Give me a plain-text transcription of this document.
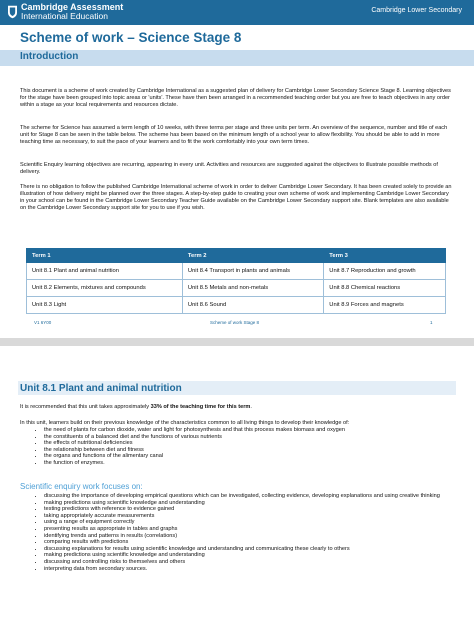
Cambridge Assessment
International Education
Cambridge Lower Secondary
Scheme of work – Science Stage 8
Introduction
This document is a scheme of work created by Cambridge International as a suggested plan of delivery for Cambridge Lower Secondary Science Stage 8. Learning objectives for the stage have been grouped into topic areas or 'units'. These have then been arranged in a recommended teaching order but you are free to teach objectives in any order within a stage as your local requirements and resources dictate.
The scheme for Science has assumed a term length of 10 weeks, with three terms per stage and three units per term. An overview of the sequence, number and title of each unit for Stage 8 can be seen in the table below. The scheme has been based on the minimum length of a school year to allow flexibility. You should be able to add in more teaching time as necessary, to suit the pace of your learners and to fit the work comfortably into your own term times.
Scientific Enquiry learning objectives are recurring, appearing in every unit. Activities and resources are suggested against the objectives to illustrate possible methods of delivery.
There is no obligation to follow the published Cambridge International scheme of work in order to deliver Cambridge Lower Secondary. It has been created solely to provide an illustration of how delivery might be planned over the three stages. A step-by-step guide to creating your own scheme of work and implementing Cambridge Lower Secondary in your school can be found in the Cambridge Lower Secondary Teacher Guide available on the Cambridge Lower Secondary support site. Blank templates are also available on the Cambridge Lower Secondary support site for you to use if you wish.
Term 1	Term 2	Term 3
Unit 8.1 Plant and animal nutrition	Unit 8.4 Transport in plants and animals	Unit 8.7 Reproduction and growth
Unit 8.2 Elements, mixtures and compounds	Unit 8.5 Metals and non-metals	Unit 8.8 Chemical reactions
Unit 8.3 Light	Unit 8.6 Sound	Unit 8.9 Forces and magnets
V1 6Y00	Scheme of work Stage 8	1
Unit 8.1 Plant and animal nutrition
It is recommended that this unit takes approximately 33% of the teaching time for this term.
In this unit, learners build on their previous knowledge of the characteristics common to all living things to develop their knowledge of:
• the need of plants for carbon dioxide, water and light for photosynthesis and that this process makes biomass and oxygen
• the constituents of a balanced diet and the functions of various nutrients
• the effects of nutritional deficiencies
• the relationship between diet and fitness
• the organs and functions of the alimentary canal
• the function of enzymes.
Scientific enquiry work focuses on:
• discussing the importance of developing empirical questions which can be investigated, collecting evidence, developing explanations and using creative thinking
• making predictions using scientific knowledge and understanding
• testing predictions with reference to evidence gained
• taking appropriately accurate measurements
• using a range of equipment correctly
• presenting results as appropriate in tables and graphs
• identifying trends and patterns in results (correlations)
• comparing results with predictions
• discussing explanations for results using scientific knowledge and understanding and communicating these clearly to others
• making predictions using scientific knowledge and understanding
• discussing and controlling risks to themselves and others
• interpreting data from secondary sources.
